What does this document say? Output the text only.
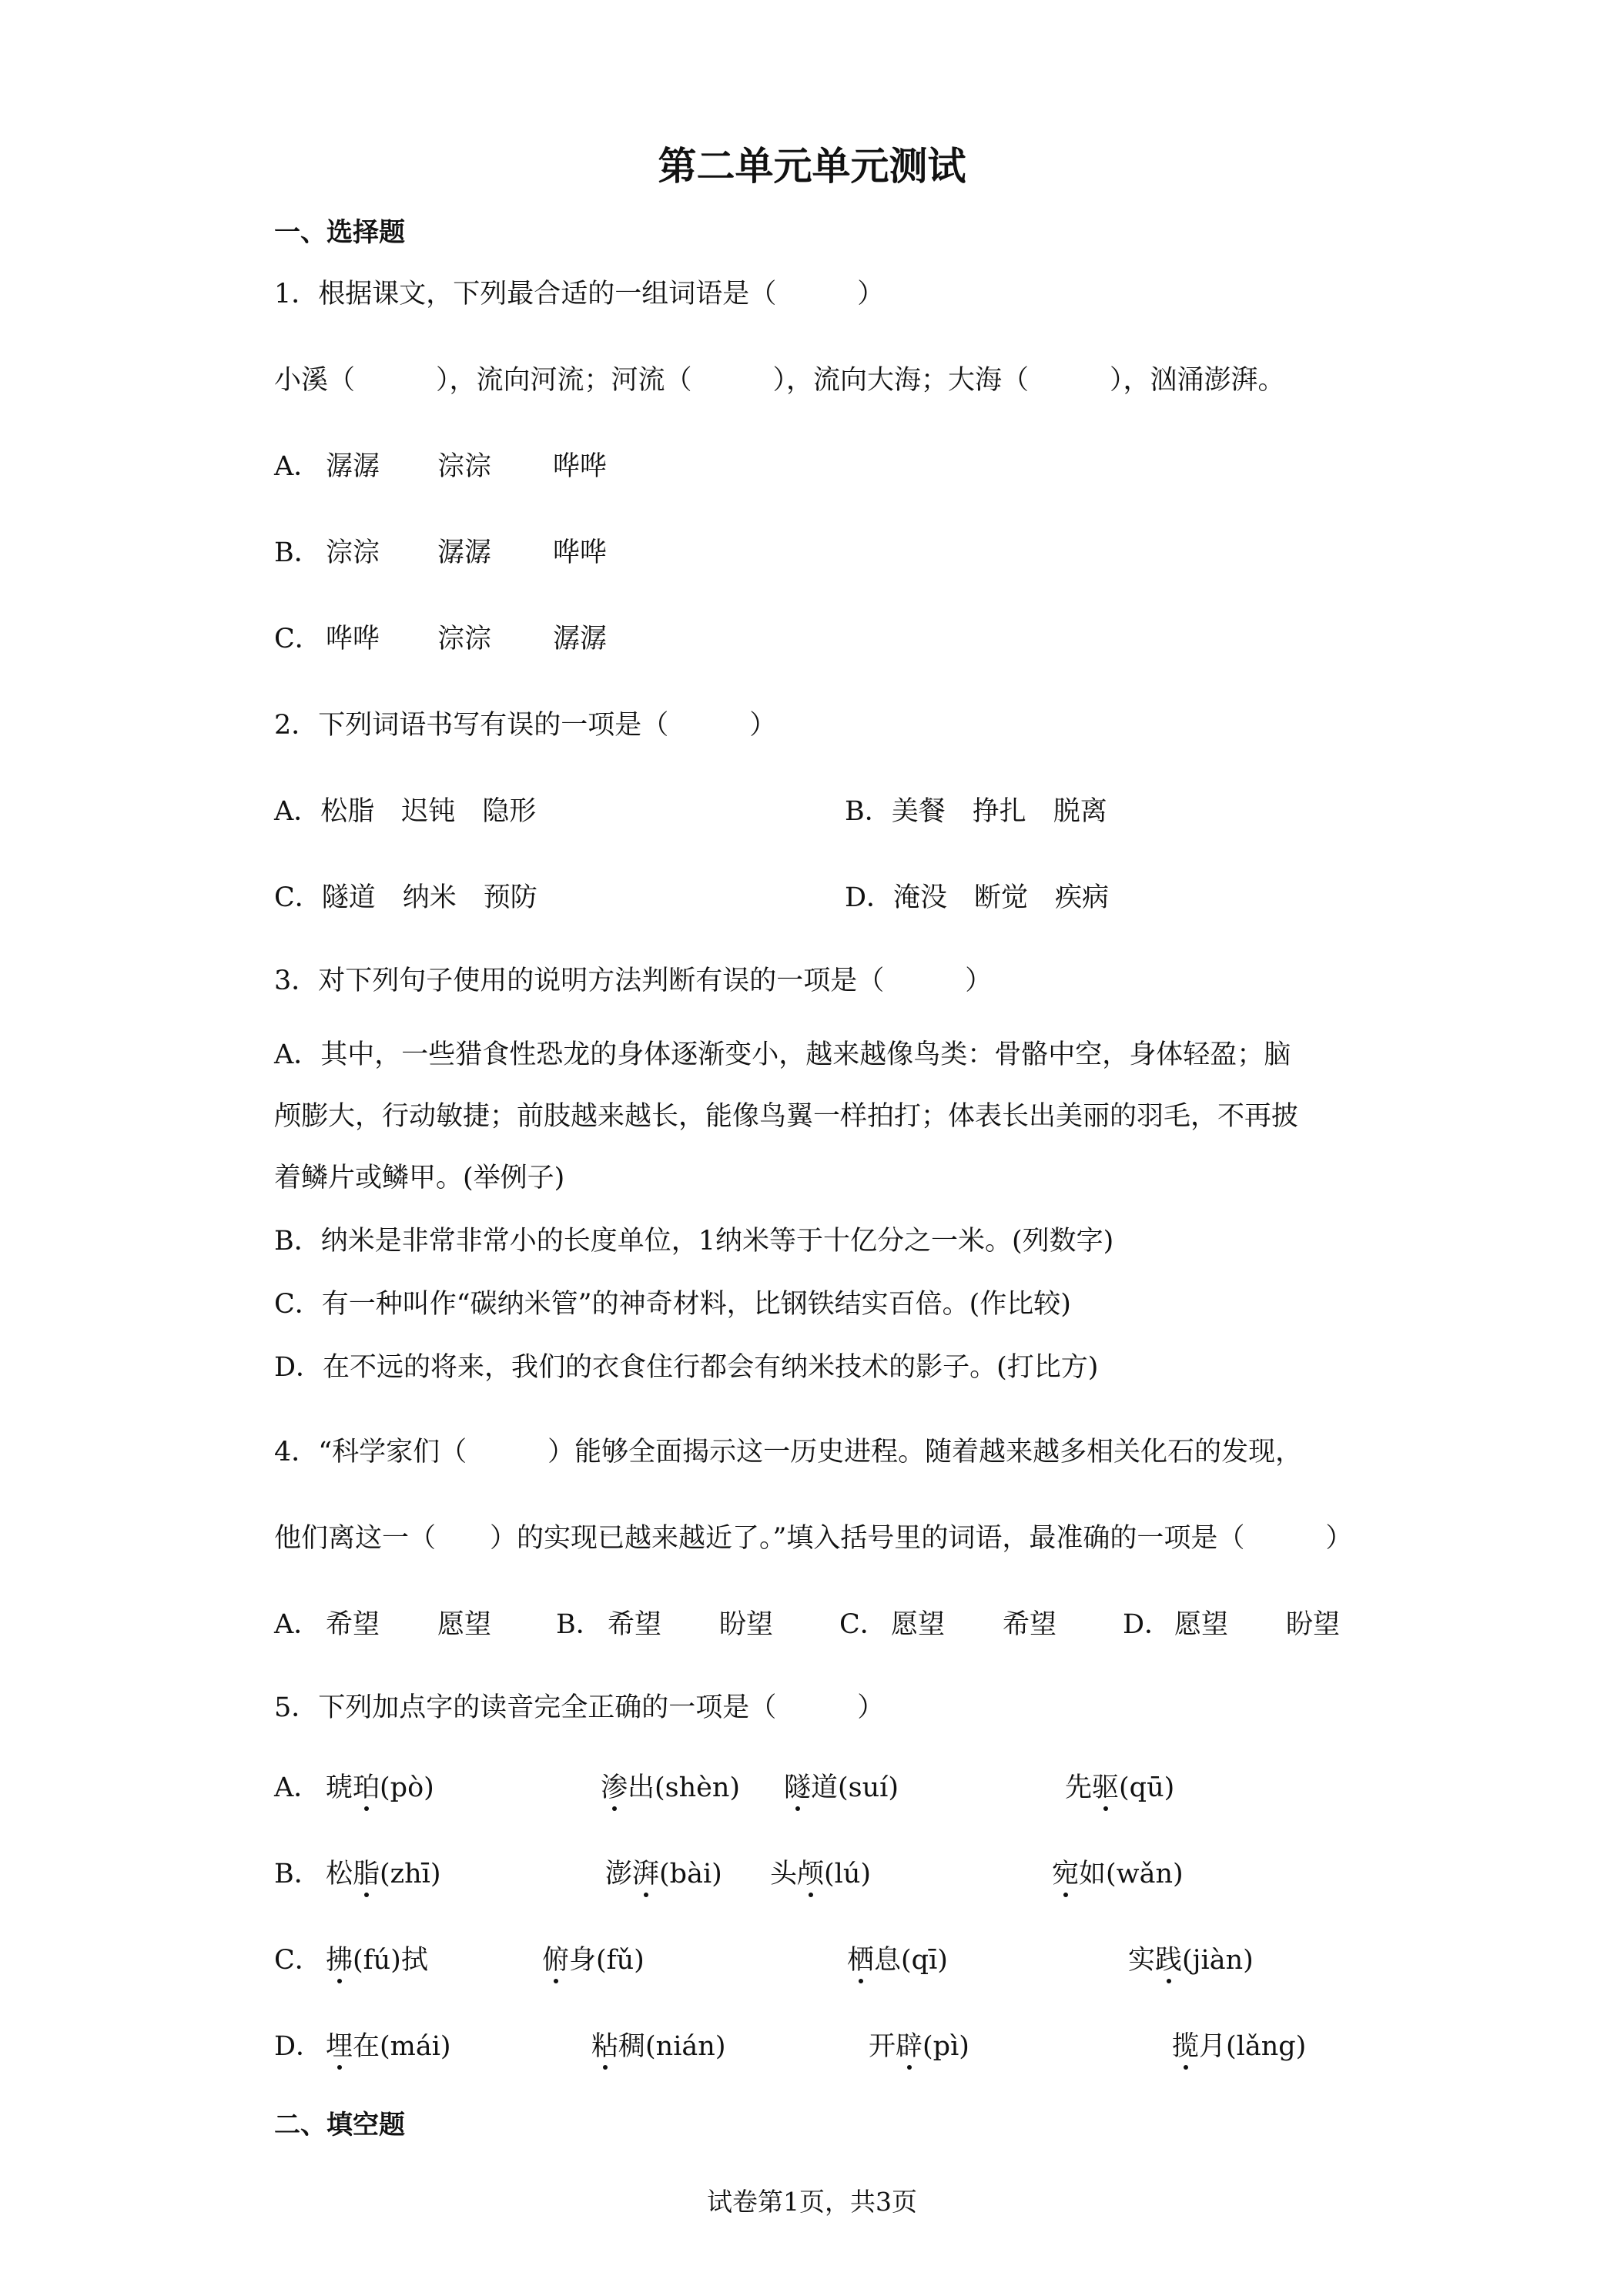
第二单元单元测试
一、选择题
1．根据课文，下列最合适的一组词语是（　　　）
小溪（　　　），流向河流；河流（　　　），流向大海；大海（　　　），汹涌澎湃。
A． 潺潺 淙淙 哗哗
B． 淙淙 潺潺 哗哗
C． 哗哗 淙淙 潺潺
2．下列词语书写有误的一项是（　　　）
A．松脂　迟钝　隐形	B．美餐　挣扎　脱离
C．隧道　纳米　预防	D．淹没　断觉　疾病
3．对下列句子使用的说明方法判断有误的一项是（　　　）
A．其中，一些猎食性恐龙的身体逐渐变小，越来越像鸟类：骨骼中空，身体轻盈；脑
颅膨大，行动敏捷；前肢越来越长，能像鸟翼一样拍打；体表长出美丽的羽毛，不再披
着鳞片或鳞甲。(举例子)
B．纳米是非常非常小的长度单位，1纳米等于十亿分之一米。(列数字)
C．有一种叫作“碳纳米管”的神奇材料，比钢铁结实百倍。(作比较)
D．在不远的将来，我们的衣食住行都会有纳米技术的影子。(打比方)
4．“科学家们（　　　）能够全面揭示这一历史进程。随着越来越多相关化石的发现，
他们离这一（　　）的实现已越来越近了。”填入括号里的词语，最准确的一项是（　　　）
A． 希望 愿望 B． 希望 盼望 C． 愿望 希望 D． 愿望 盼望
5．下列加点字的读音完全正确的一项是（　　　）
A． 琥珀(pò)	渗出(shèn) 隧道(suí)	先驱(qū)
B． 松脂(zhī)	澎湃(bài) 头颅(lú)	宛如(wǎn)
C． 拂(fú)拭	俯身(fǔ)	栖息(qī)	实践(jiàn)
D． 埋在(mái)	粘稠(nián)	开辟(pì)	揽月(lǎng)
二、填空题
试卷第1页，共3页
